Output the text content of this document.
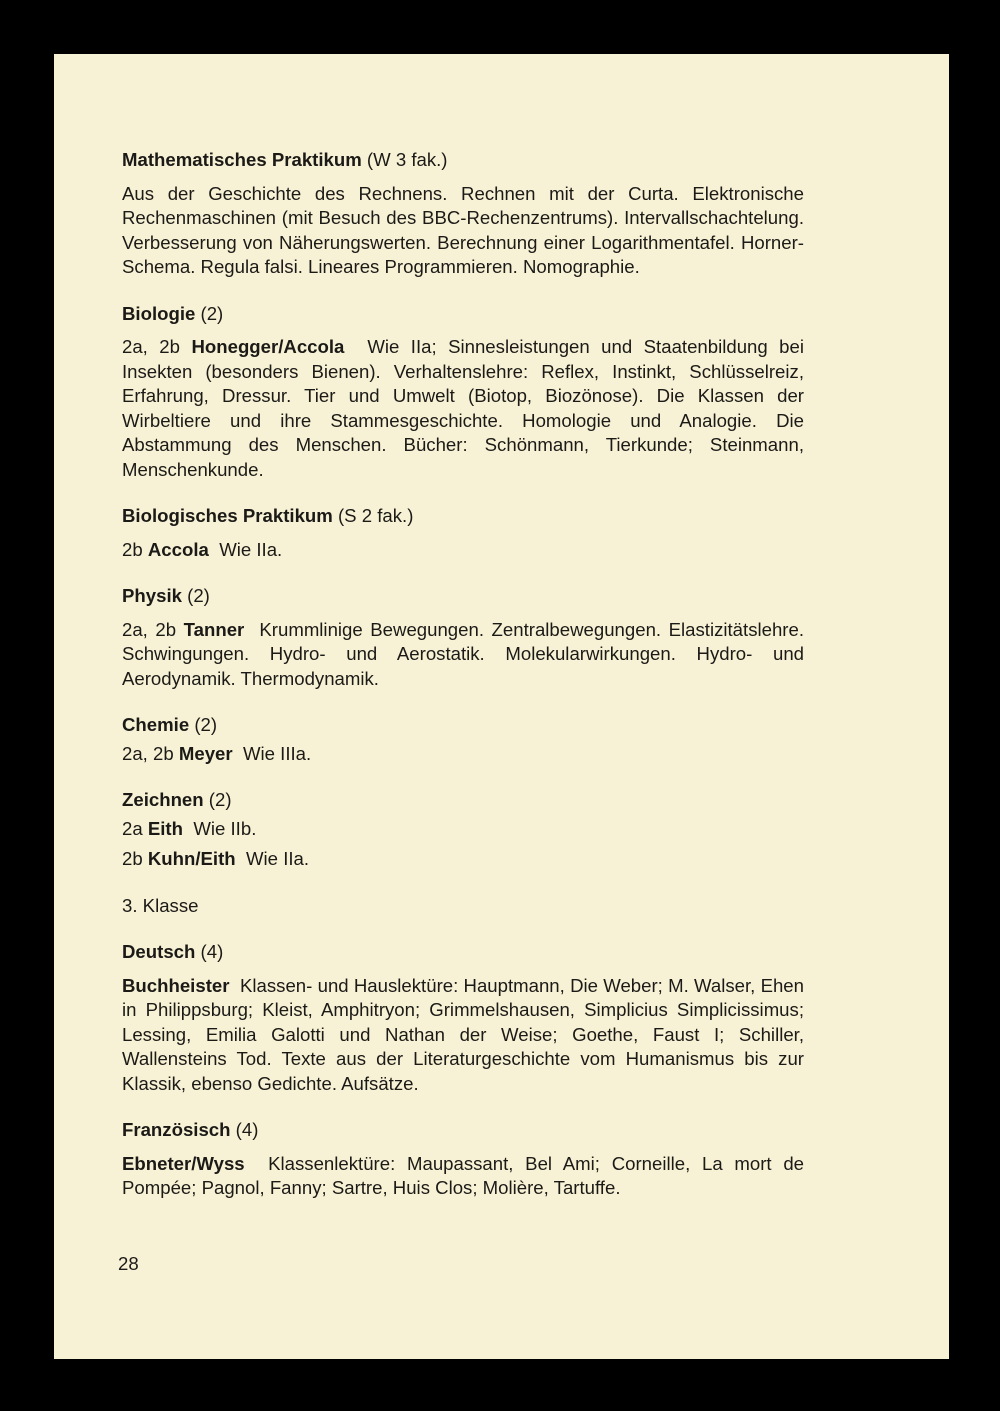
Mathematisches Praktikum (W 3 fak.)

Aus der Geschichte des Rechnens. Rechnen mit der Curta. Elektronische Rechenmaschinen (mit Besuch des BBC-Rechenzentrums). Intervallschachtelung. Verbesserung von Näherungswerten. Berechnung einer Logarithmentafel. Horner-Schema. Regula falsi. Lineares Programmieren. Nomographie.

Biologie (2)

2a, 2b Honegger/Accola Wie IIa; Sinnesleistungen und Staatenbildung bei Insekten (besonders Bienen). Verhaltenslehre: Reflex, Instinkt, Schlüsselreiz, Erfahrung, Dressur. Tier und Umwelt (Biotop, Biozönose). Die Klassen der Wirbeltiere und ihre Stammesgeschichte. Homologie und Analogie. Die Abstammung des Menschen. Bücher: Schönmann, Tierkunde; Steinmann, Menschenkunde.

Biologisches Praktikum (S 2 fak.)

2b Accola Wie IIa.

Physik (2)

2a, 2b Tanner Krummlinige Bewegungen. Zentralbewegungen. Elastizitätslehre. Schwingungen. Hydro- und Aerostatik. Molekularwirkungen. Hydro- und Aerodynamik. Thermodynamik.

Chemie (2)

2a, 2b Meyer Wie IIIa.

Zeichnen (2)

2a Eith Wie IIb.

2b Kuhn/Eith Wie IIa.

3. Klasse

Deutsch (4)

Buchheister Klassen- und Hauslektüre: Hauptmann, Die Weber; M. Walser, Ehen in Philippsburg; Kleist, Amphitryon; Grimmelshausen, Simplicius Simplicissimus; Lessing, Emilia Galotti und Nathan der Weise; Goethe, Faust I; Schiller, Wallensteins Tod. Texte aus der Literaturgeschichte vom Humanismus bis zur Klassik, ebenso Gedichte. Aufsätze.

Französisch (4)

Ebneter/Wyss Klassenlektüre: Maupassant, Bel Ami; Corneille, La mort de Pompée; Pagnol, Fanny; Sartre, Huis Clos; Molière, Tartuffe.

28
